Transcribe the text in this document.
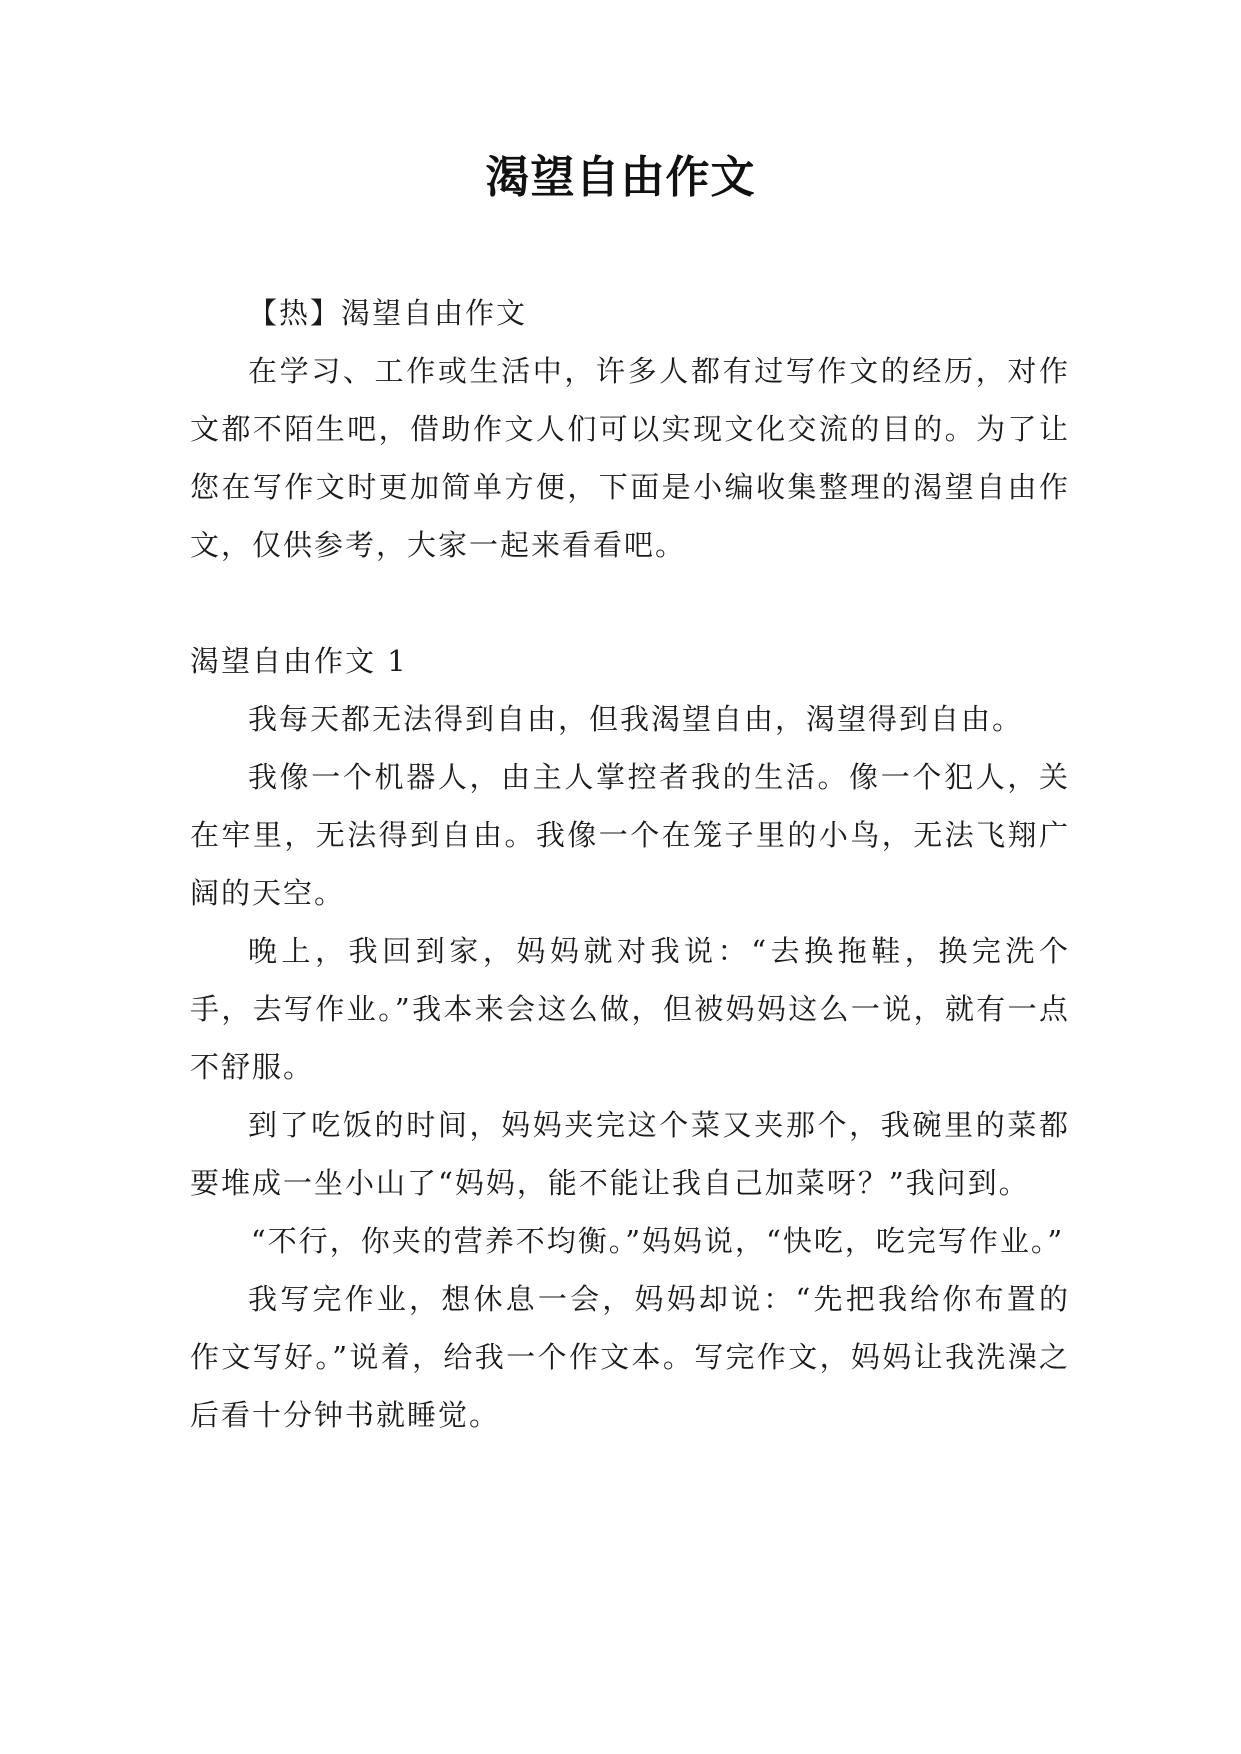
渴望自由作文

【热】渴望自由作文

在学习、工作或生活中，许多人都有过写作文的经历，对作文都不陌生吧，借助作文人们可以实现文化交流的目的。为了让您在写作文时更加简单方便，下面是小编收集整理的渴望自由作文，仅供参考，大家一起来看看吧。

渴望自由作文 1

我每天都无法得到自由，但我渴望自由，渴望得到自由。

我像一个机器人，由主人掌控者我的生活。像一个犯人，关在牢里，无法得到自由。我像一个在笼子里的小鸟，无法飞翔广阔的天空。

晚上，我回到家，妈妈就对我说：“去换拖鞋，换完洗个手，去写作业。”我本来会这么做，但被妈妈这么一说，就有一点不舒服。

到了吃饭的时间，妈妈夹完这个菜又夹那个，我碗里的菜都要堆成一坐小山了“妈妈，能不能让我自己加菜呀？”我问到。

“不行，你夹的营养不均衡。”妈妈说，“快吃，吃完写作业。”

我写完作业，想休息一会，妈妈却说：“先把我给你布置的作文写好。”说着，给我一个作文本。写完作文，妈妈让我洗澡之后看十分钟书就睡觉。
